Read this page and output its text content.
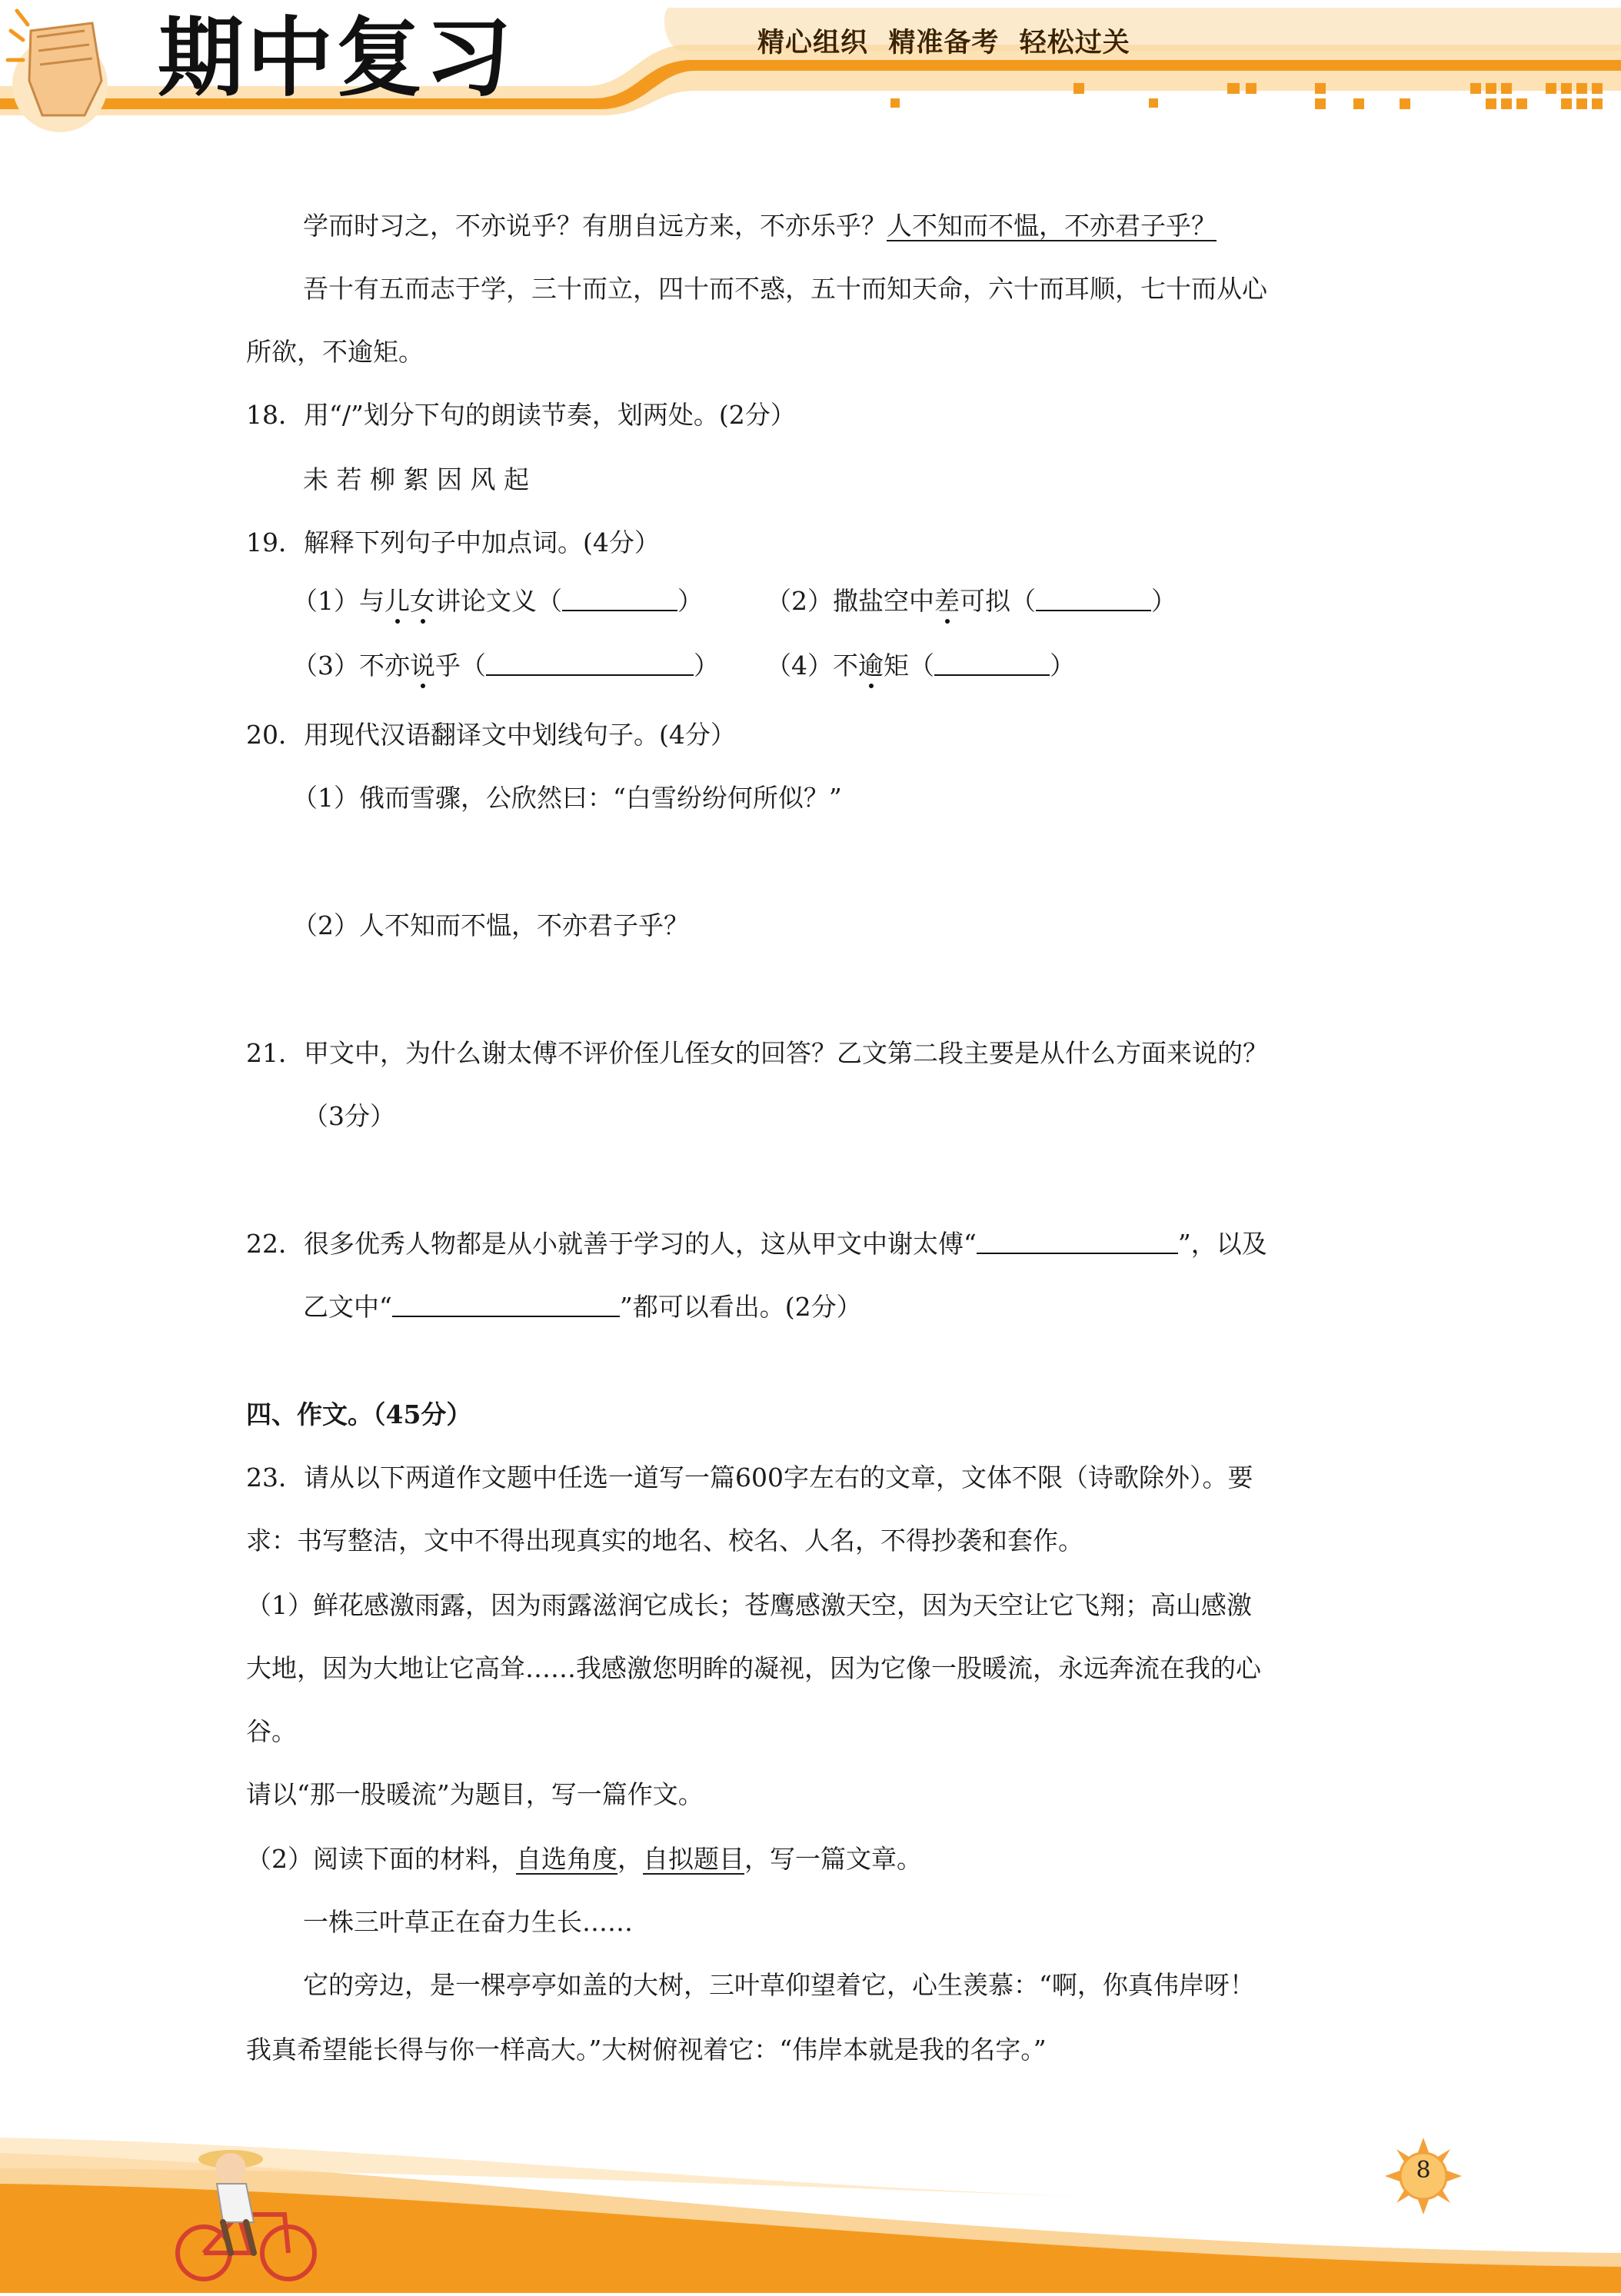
期中复习	精心组织  精准备考  轻松过关
学而时习之，不亦说乎？有朋自远方来，不亦乐乎？人不知而不愠，不亦君子乎？
吾十有五而志于学，三十而立，四十而不惑，五十而知天命，六十而耳顺，七十而从心
所欲，不逾矩。
18．用“/”划分下句的朗读节奏，划两处。(2分）
未 若 柳 絮 因 风 起
19．解释下列句子中加点词。(4分）
（1）与儿女讲论文义（	） （2）撒盐空中差可拟（	）
（3）不亦说乎（	） （4）不逾矩（	）
20．用现代汉语翻译文中划线句子。(4分）
（1）俄而雪骤，公欣然曰：“白雪纷纷何所似？”
（2）人不知而不愠，不亦君子乎？
21．甲文中，为什么谢太傅不评价侄儿侄女的回答？乙文第二段主要是从什么方面来说的？
（3分）
22．很多优秀人物都是从小就善于学习的人，这从甲文中谢太傅“	”，以及
乙文中“	”都可以看出。(2分）
四、作文。（45分）
23．请从以下两道作文题中任选一道写一篇600字左右的文章，文体不限（诗歌除外）。要
求：书写整洁，文中不得出现真实的地名、校名、人名，不得抄袭和套作。
（1）鲜花感激雨露，因为雨露滋润它成长；苍鹰感激天空，因为天空让它飞翔；高山感激
大地，因为大地让它高耸……我感激您明眸的凝视，因为它像一股暖流，永远奔流在我的心
谷。
请以“那一股暖流”为题目，写一篇作文。
（2）阅读下面的材料，自选角度，自拟题目，写一篇文章。
一株三叶草正在奋力生长……
它的旁边，是一棵亭亭如盖的大树，三叶草仰望着它，心生羡慕：“啊，你真伟岸呀！
我真希望能长得与你一样高大。”大树俯视着它：“伟岸本就是我的名字。”
8
